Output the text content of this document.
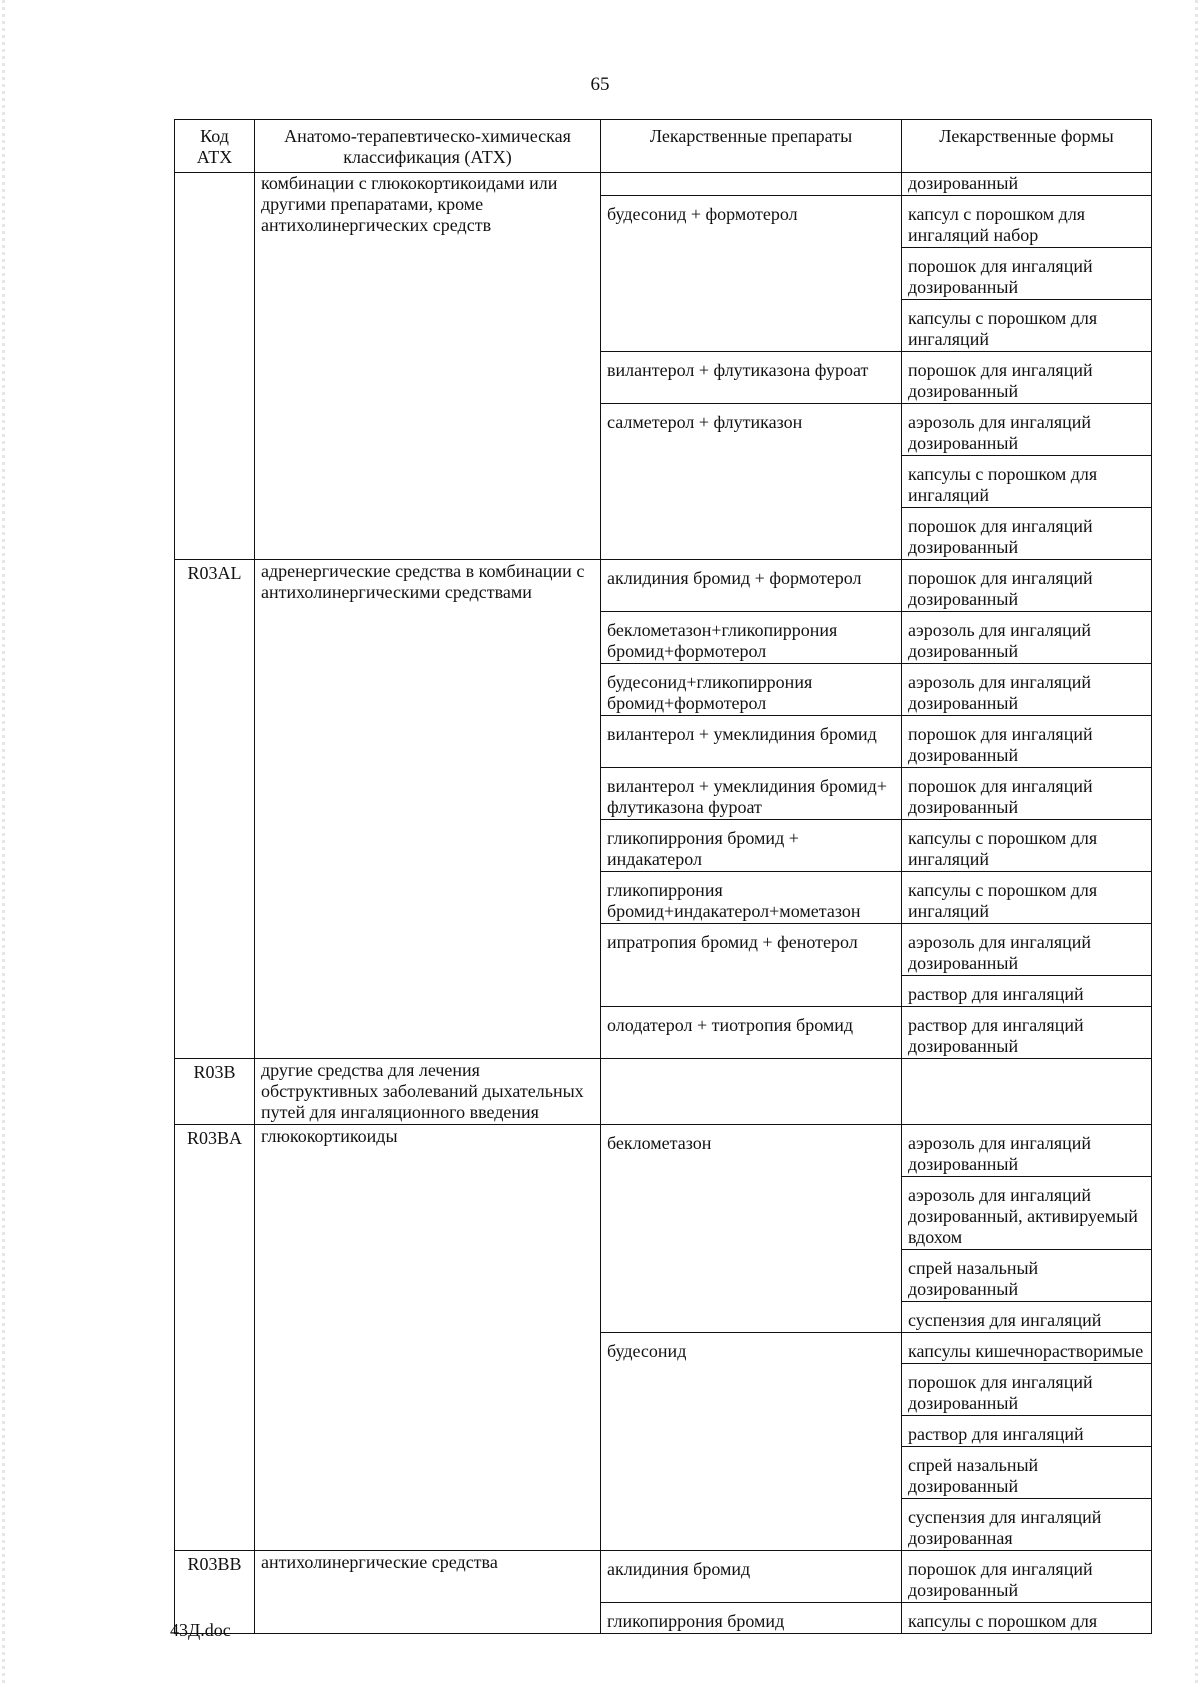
65
Код АТХ	Анатомо-терапевтическо-химическая классификация (АТХ)	Лекарственные препараты	Лекарственные формы
	комбинации с глюкокортикоидами или другими препаратами, кроме антихолинергических средств		дозированный
		будесонид + формотерол	капсул с порошком для ингаляций набор
			порошок для ингаляций дозированный
			капсулы с порошком для ингаляций
		вилантерол + флутиказона фуроат	порошок для ингаляций дозированный
		салметерол + флутиказон	аэрозоль для ингаляций дозированный
			капсулы с порошком для ингаляций
			порошок для ингаляций дозированный
R03AL	адренергические средства в комбинации с антихолинергическими средствами	аклидиния бромид + формотерол	порошок для ингаляций дозированный
		беклометазон+гликопиррония бромид+формотерол	аэрозоль для ингаляций дозированный
		будесонид+гликопиррония бромид+формотерол	аэрозоль для ингаляций дозированный
		вилантерол + умеклидиния бромид	порошок для ингаляций дозированный
		вилантерол + умеклидиния бромид+ флутиказона фуроат	порошок для ингаляций дозированный
		гликопиррония бромид + индакатерол	капсулы с порошком для ингаляций
		гликопиррония бромид+индакатерол+мометазон	капсулы с порошком для ингаляций
		ипратропия бромид + фенотерол	аэрозоль для ингаляций дозированный
			раствор для ингаляций
		олодатерол + тиотропия бромид	раствор для ингаляций дозированный
R03B	другие средства для лечения обструктивных заболеваний дыхательных путей для ингаляционного введения		
R03BA	глюкокортикоиды	беклометазон	аэрозоль для ингаляций дозированный
			аэрозоль для ингаляций дозированный, активируемый вдохом
			спрей назальный дозированный
			суспензия для ингаляций
		будесонид	капсулы кишечнорастворимые
			порошок для ингаляций дозированный
			раствор для ингаляций
			спрей назальный дозированный
			суспензия для ингаляций дозированная
R03BB	антихолинергические средства	аклидиния бромид	порошок для ингаляций дозированный
		гликопиррония бромид	капсулы с порошком для
43Д.doc
